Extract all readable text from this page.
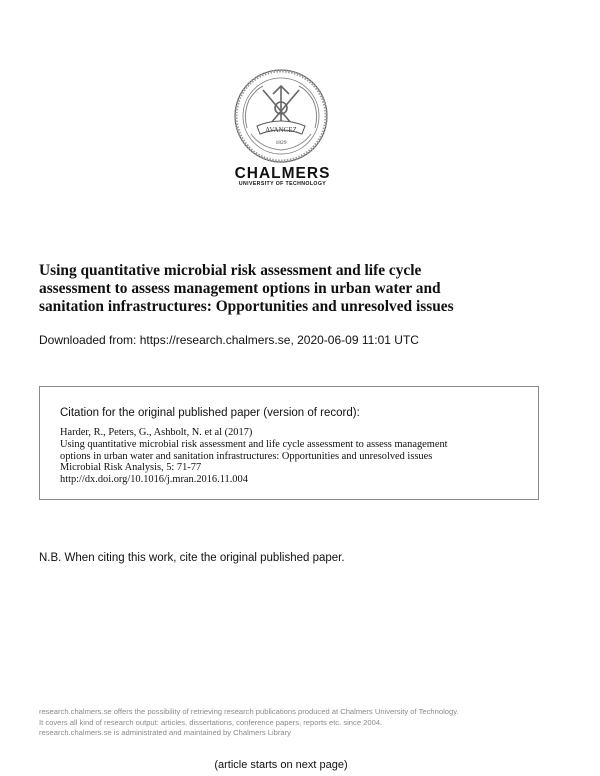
AVANCEZ
1829
CHALMERS
UNIVERSITY OF TECHNOLOGY
Using quantitative microbial risk assessment and life cycle
assessment to assess management options in urban water and
sanitation infrastructures: Opportunities and unresolved issues
Downloaded from: https://research.chalmers.se, 2020-06-09 11:01 UTC
Citation for the original published paper (version of record):
Harder, R., Peters, G., Ashbolt, N. et al (2017)
Using quantitative microbial risk assessment and life cycle assessment to assess management
options in urban water and sanitation infrastructures: Opportunities and unresolved issues
Microbial Risk Analysis, 5: 71-77
http://dx.doi.org/10.1016/j.mran.2016.11.004
N.B. When citing this work, cite the original published paper.
research.chalmers.se offers the possibility of retrieving research publications produced at Chalmers University of Technology.
It covers all kind of research output: articles, dissertations, conference papers, reports etc. since 2004.
research.chalmers.se is administrated and maintained by Chalmers Library
(article starts on next page)
